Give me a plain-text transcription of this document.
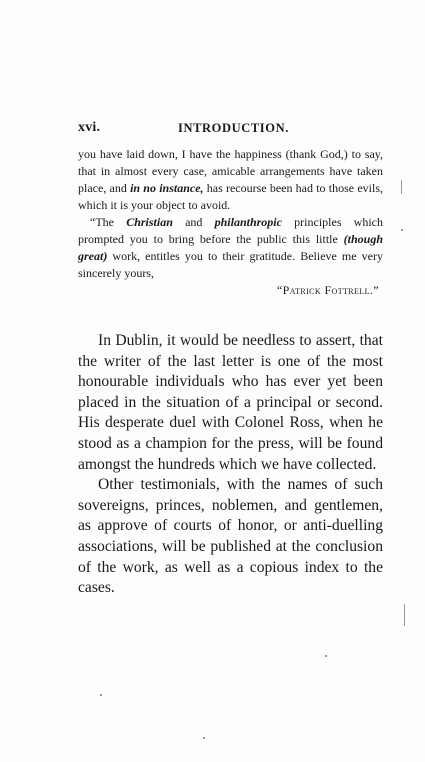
xvi.	INTRODUCTION.

you have laid down, I have the happiness (thank God,) to say, that in almost every case, amicable arrangements have taken place, and in no instance, has recourse been had to those evils, which it is your object to avoid.

“The Christian and philanthropic principles which prompted you to bring before the public this little (though great) work, entitles you to their gratitude. Believe me very sincerely yours,

“Patrick Fottrell.”

In Dublin, it would be needless to assert, that the writer of the last letter is one of the most honourable individuals who has ever yet been placed in the situation of a principal or second. His desperate duel with Colonel Ross, when he stood as a champion for the press, will be found amongst the hundreds which we have collected.

Other testimonials, with the names of such sovereigns, princes, noblemen, and gentlemen, as approve of courts of honor, or anti-duelling associations, will be published at the conclusion of the work, as well as a copious index to the cases.
